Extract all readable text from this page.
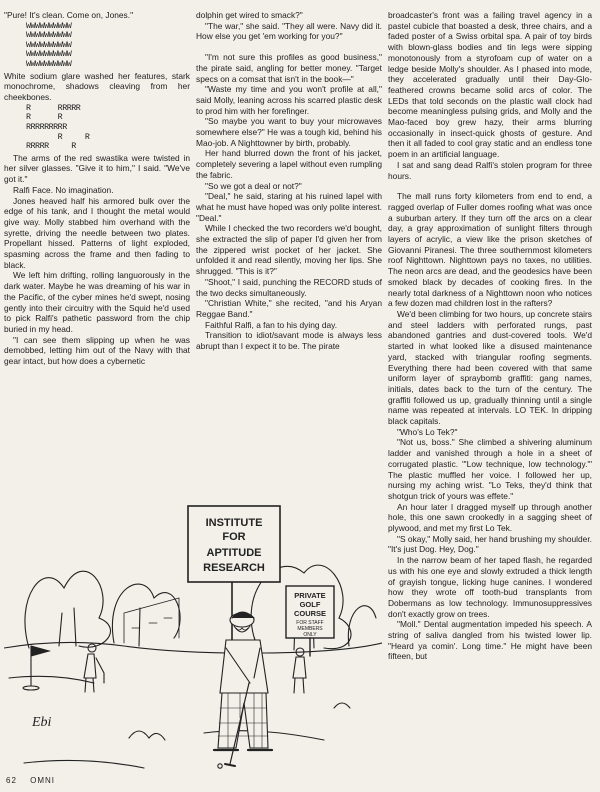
"Pure! It's clean. Come on, Jones."

WWWWWWWWWW
WWWWWWWWWW
WWWWWWWWWW
WWWWWWWWWW
WWWWWWWWWW

White sodium glare washed her features, stark monochrome, shadows cleaving from her cheekbones.

R      RRRRR
R      R
RRRRRRRRR
R     R
RRRRR     R

The arms of the red swastika were twisted in her silver glasses. "Give it to him," I said. "We've got it."

Ralfi Face. No imagination.

Jones heaved half his armored bulk over the edge of his tank, and I thought the metal would give way. Molly stabbed him overhand with the syrette, driving the needle between two plates. Propellant hissed. Patterns of light exploded, spasming across the frame and then fading to black.

We left him drifting, rolling languorously in the dark water. Maybe he was dreaming of his war in the Pacific, of the cyber mines he'd swept, nosing gently into their circuitry with the Squid he'd used to pick Ralfi's pathetic password from the chip buried in my head.

"I can see them slipping up when he was demobbed, letting him out of the Navy with that gear intact, but how does a cybernetic

dolphin get wired to smack?"

"The war," she said. "They all were. Navy did it. How else you get 'em working for you?"

"I'm not sure this profiles as good business," the pirate said, angling for better money. "Target specs on a comsat that isn't in the book—"

"Waste my time and you won't profile at all," said Molly, leaning across his scarred plastic desk to prod him with her forefinger.

"So maybe you want to buy your microwaves somewhere else?" He was a tough kid, behind his Mao-job. A Nighttowner by birth, probably.

Her hand blurred down the front of his jacket, completely severing a lapel without even rumpling the fabric.

"So we got a deal or not?"

"Deal," he said, staring at his ruined lapel with what he must have hoped was only polite interest. "Deal."

While I checked the two recorders we'd bought, she extracted the slip of paper I'd given her from the zippered wrist pocket of her jacket. She unfolded it and read silently, moving her lips. She shrugged. "This is it?"

"Shoot," I said, punching the RECORD studs of the two decks simultaneously.

"Christian White," she recited, "and his Aryan Reggae Band."

Faithful Ralfi, a fan to his dying day.

Transition to idiot/savant mode is always less abrupt than I expect it to be. The pirate

broadcaster's front was a failing travel agency in a pastel cubicle that boasted a desk, three chairs, and a faded poster of a Swiss orbital spa. A pair of toy birds with blown-glass bodies and tin legs were sipping monotonously from a styrofoam cup of water on a ledge beside Molly's shoulder. As I phased into mode, they accelerated gradually until their Day-Glo-feathered crowns became solid arcs of color. The LEDs that told seconds on the plastic wall clock had become meaningless pulsing grids, and Molly and the Mao-faced boy grew hazy, their arms blurring occasionally in insect-quick ghosts of gesture. And then it all faded to cool gray static and an endless tone poem in an artificial language.

I sat and sang dead Ralfi's stolen program for three hours.

The mall runs forty kilometers from end to end, a ragged overlap of Fuller domes roofing what was once a suburban artery. If they turn off the arcs on a clear day, a gray approximation of sunlight filters through layers of acrylic, a view like the prison sketches of Giovanni Piranesi. The three southernmost kilometers roof Nighttown. Nighttown pays no taxes, no utilities. The neon arcs are dead, and the geodesics have been smoked black by decades of cooking fires. In the nearly total darkness of a Nighttown noon who notices a few dozen mad children lost in the rafters?

We'd been climbing for two hours, up concrete stairs and steel ladders with perforated rungs, past abandoned gantries and dust-covered tools. We'd started in what looked like a disused maintenance yard, stacked with triangular roofing segments. Everything there had been covered with that same uniform layer of spraybomb graffiti: gang names, initials, dates back to the turn of the century. The graffiti followed us up, gradually thinning until a single name was repeated at intervals. LO TEK. In dripping black capitals.

"Who's Lo Tek?"

"Not us, boss." She climbed a shivering aluminum ladder and vanished through a hole in a sheet of corrugated plastic. "'Low technique, low technology.'" The plastic muffled her voice. I followed her up, nursing my aching wrist. "Lo Teks, they'd think that shotgun trick of yours was effete."

An hour later I dragged myself up through another hole, this one sawn crookedly in a sagging sheet of plywood, and met my first Lo Tek.

"S okay," Molly said, her hand brushing my shoulder. "It's just Dog. Hey, Dog."

In the narrow beam of her taped flash, he regarded us with his one eye and slowly extruded a thick length of grayish tongue, licking huge canines. I wondered how they wrote off tooth-bud transplants from Dobermans as low technology. Immunosuppressives don't exactly grow on trees.

"Moll." Dental augmentation impeded his speech. A string of saliva dangled from his twisted lower lip. "Heard ya comin'. Long time." He might have been fifteen, but

INSTITUTE
FOR
APTITUDE
RESEARCH
PRIVATE
GOLF
COURSE
FOR STAFF
MEMBERS
ONLY
Ebi
62 OMNI
